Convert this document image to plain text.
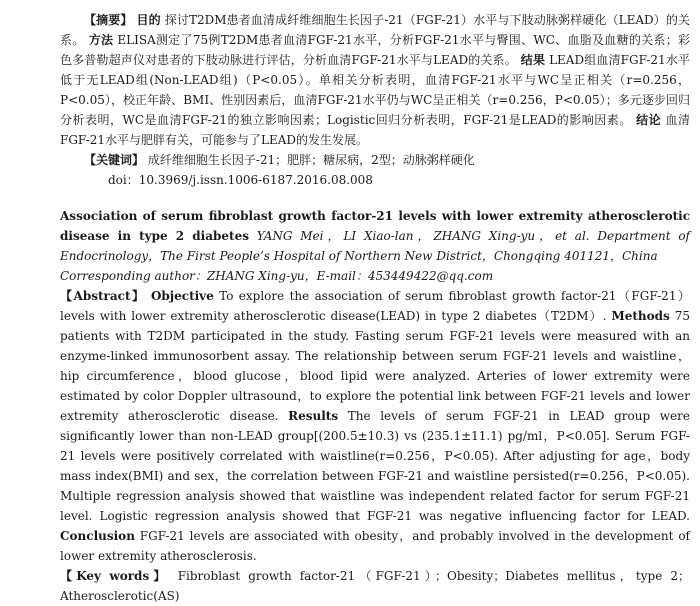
【摘要】 目的 探讨T2DM患者血清成纤维细胞生长因子-21（FGF-21）水平与下肢动脉粥样硬化（LEAD）的关系。 方法 ELISA测定了75例T2DM患者血清FGF-21水平，分析FGF-21水平与臀围、WC、血脂及血糖的关系；彩色多普勒超声仪对患者的下肢动脉进行评估，分析血清FGF-21水平与LEAD的关系。 结果 LEAD组血清FGF-21水平低于无LEAD组(Non-LEAD组)（P<0.05）。单相关分析表明，血清FGF-21水平与WC呈正相关（r=0.256，P<0.05），校正年龄、BMI、性别因素后，血清FGF-21水平仍与WC呈正相关（r=0.256，P<0.05）；多元逐步回归分析表明，WC是血清FGF-21的独立影响因素；Logistic回归分析表明，FGF-21是LEAD的影响因素。 结论 血清FGF-21水平与肥胖有关，可能参与了LEAD的发生发展。

【关键词】 成纤维细胞生长因子-21；肥胖；糖尿病，2型；动脉粥样硬化

doi：10.3969/j.issn.1006-6187.2016.08.008

Association of serum fibroblast growth factor-21 levels with lower extremity atherosclerotic disease in type 2 diabetes YANG Mei，LI Xiao-lan，ZHANG Xing-yu，et al. Department of Endocrinology，The First People’s Hospital of Northern New District，Chongqing 401121，China

Corresponding author：ZHANG Xing-yu，E-mail：453449422@qq.com

【Abstract】 Objective To explore the association of serum fibroblast growth factor-21（FGF-21）levels with lower extremity atherosclerotic disease(LEAD) in type 2 diabetes（T2DM）. Methods 75 patients with T2DM participated in the study. Fasting serum FGF-21 levels were measured with an enzyme-linked immunosorbent assay. The relationship between serum FGF-21 levels and waistline，hip circumference，blood glucose，blood lipid were analyzed. Arteries of lower extremity were estimated by color Doppler ultrasound，to explore the potential link between FGF-21 levels and lower extremity atherosclerotic disease. Results The levels of serum FGF-21 in LEAD group were significantly lower than non-LEAD group[(200.5±10.3) vs (235.1±11.1) pg/ml，P<0.05]. Serum FGF-21 levels were positively correlated with waistline(r=0.256，P<0.05). After adjusting for age，body mass index(BMI) and sex，the correlation between FGF-21 and waistline persisted(r=0.256，P<0.05). Multiple regression analysis showed that waistline was independent related factor for serum FGF-21 level. Logistic regression analysis showed that FGF-21 was negative influencing factor for LEAD. Conclusion FGF-21 levels are associated with obesity，and probably involved in the development of lower extremity atherosclerosis.

【Key words】 Fibroblast growth factor-21（FGF-21）；Obesity；Diabetes mellitus，type 2；Atherosclerotic(AS)
